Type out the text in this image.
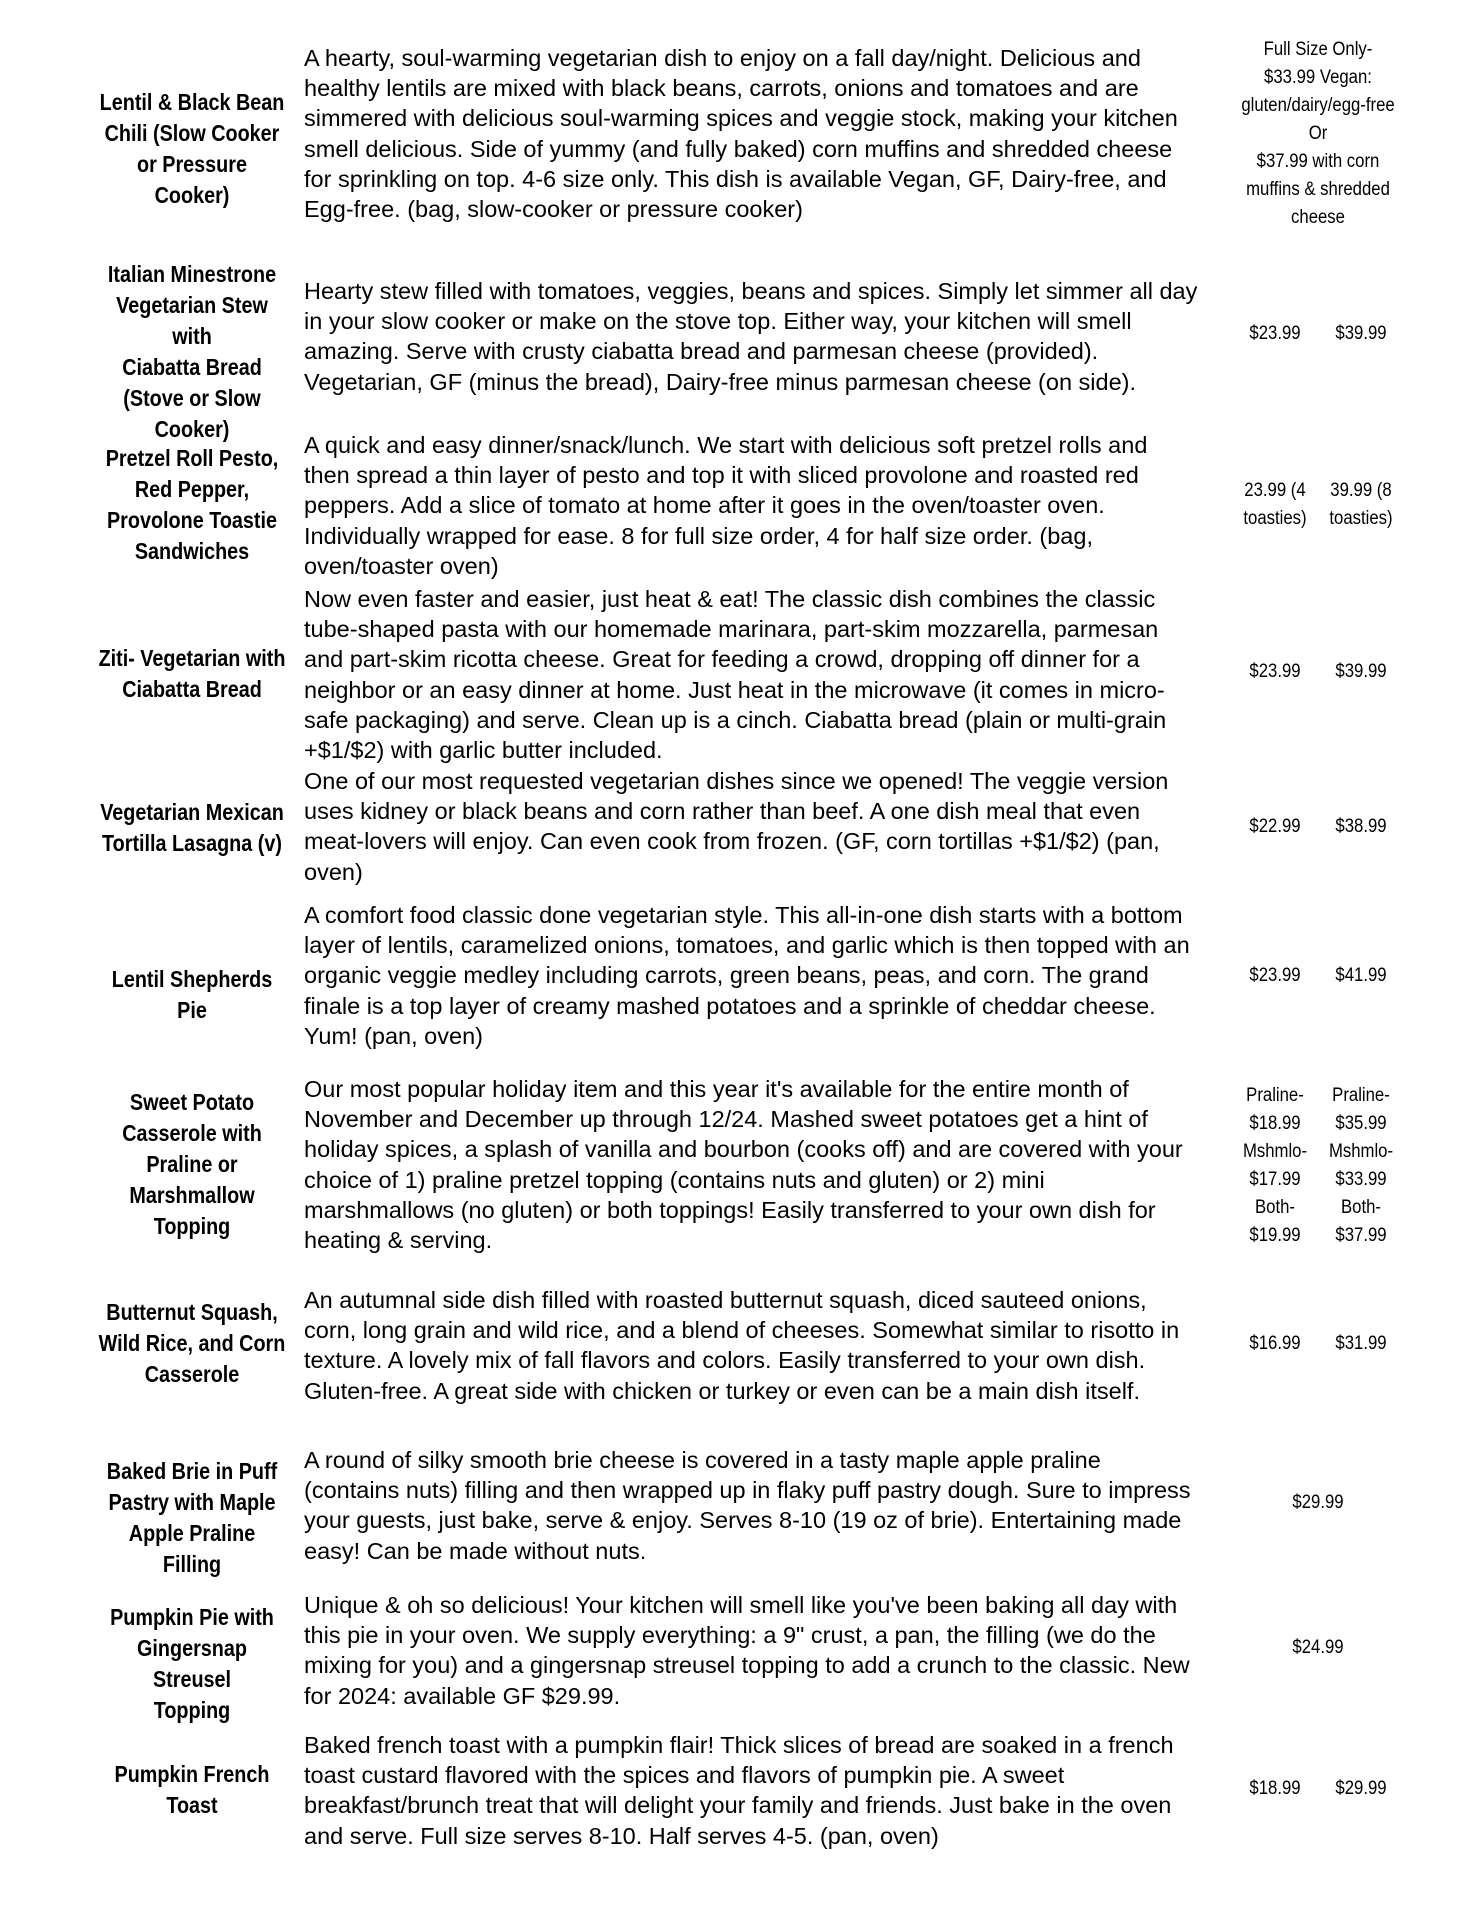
Lentil & Black Bean
Chili (Slow Cooker
or Pressure Cooker)
A hearty, soul-warming vegetarian dish to enjoy on a fall day/night. Delicious and
healthy lentils are mixed with black beans, carrots, onions and tomatoes and are
simmered with delicious soul-warming spices and veggie stock, making your kitchen
smell delicious. Side of yummy (and fully baked) corn muffins and shredded cheese
for sprinkling on top. 4-6 size only. This dish is available Vegan, GF, Dairy-free, and
Egg-free. (bag, slow-cooker or pressure cooker)
Full Size Only-
$33.99 Vegan:
gluten/dairy/egg-free
Or
$37.99 with corn
muffins & shredded
cheese
Italian Minestrone
Vegetarian Stew with
Ciabatta Bread
(Stove or Slow
Cooker)
Hearty stew filled with tomatoes, veggies, beans and spices. Simply let simmer all day
in your slow cooker or make on the stove top. Either way, your kitchen will smell
amazing. Serve with crusty ciabatta bread and parmesan cheese (provided).
Vegetarian, GF (minus the bread), Dairy-free minus parmesan cheese (on side).
$23.99	$39.99
Pretzel Roll Pesto,
Red Pepper,
Provolone Toastie
Sandwiches
A quick and easy dinner/snack/lunch. We start with delicious soft pretzel rolls and
then spread a thin layer of pesto and top it with sliced provolone and roasted red
peppers. Add a slice of tomato at home after it goes in the oven/toaster oven.
Individually wrapped for ease. 8 for full size order, 4 for half size order. (bag,
oven/toaster oven)
23.99 (4
toasties)
39.99 (8
toasties)
Ziti- Vegetarian with
Ciabatta Bread
Now even faster and easier, just heat & eat! The classic dish combines the classic
tube-shaped pasta with our homemade marinara, part-skim mozzarella, parmesan
and part-skim ricotta cheese. Great for feeding a crowd, dropping off dinner for a
neighbor or an easy dinner at home. Just heat in the microwave (it comes in micro-
safe packaging) and serve. Clean up is a cinch. Ciabatta bread (plain or multi-grain
+$1/$2) with garlic butter included.
$23.99	$39.99
Vegetarian Mexican
Tortilla Lasagna (v)
One of our most requested vegetarian dishes since we opened! The veggie version
uses kidney or black beans and corn rather than beef. A one dish meal that even
meat-lovers will enjoy. Can even cook from frozen. (GF, corn tortillas +$1/$2) (pan,
oven)
$22.99	$38.99
Lentil Shepherds Pie
A comfort food classic done vegetarian style. This all-in-one dish starts with a bottom
layer of lentils, caramelized onions, tomatoes, and garlic which is then topped with an
organic veggie medley including carrots, green beans, peas, and corn. The grand
finale is a top layer of creamy mashed potatoes and a sprinkle of cheddar cheese.
Yum! (pan, oven)
$23.99	$41.99
Sweet Potato
Casserole with
Praline or
Marshmallow
Topping
Our most popular holiday item and this year it's available for the entire month of
November and December up through 12/24. Mashed sweet potatoes get a hint of
holiday spices, a splash of vanilla and bourbon (cooks off) and are covered with your
choice of 1) praline pretzel topping (contains nuts and gluten) or 2) mini
marshmallows (no gluten) or both toppings! Easily transferred to your own dish for
heating & serving.
Praline-
$18.99
Mshmlo-
$17.99
Both-
$19.99
Praline-
$35.99
Mshmlo-
$33.99
Both-
$37.99
Butternut Squash,
Wild Rice, and Corn
Casserole
An autumnal side dish filled with roasted butternut squash, diced sauteed onions,
corn, long grain and wild rice, and a blend of cheeses. Somewhat similar to risotto in
texture. A lovely mix of fall flavors and colors. Easily transferred to your own dish.
Gluten-free. A great side with chicken or turkey or even can be a main dish itself.
$16.99	$31.99
Baked Brie in Puff
Pastry with Maple
Apple Praline Filling
A round of silky smooth brie cheese is covered in a tasty maple apple praline
(contains nuts) filling and then wrapped up in flaky puff pastry dough. Sure to impress
your guests, just bake, serve & enjoy. Serves 8-10 (19 oz of brie). Entertaining made
easy! Can be made without nuts.
$29.99
Pumpkin Pie with
Gingersnap Streusel
Topping
Unique & oh so delicious! Your kitchen will smell like you've been baking all day with
this pie in your oven. We supply everything: a 9" crust, a pan, the filling (we do the
mixing for you) and a gingersnap streusel topping to add a crunch to the classic. New
for 2024: available GF $29.99.
$24.99
Pumpkin French
Toast
Baked french toast with a pumpkin flair! Thick slices of bread are soaked in a french
toast custard flavored with the spices and flavors of pumpkin pie. A sweet
breakfast/brunch treat that will delight your family and friends. Just bake in the oven
and serve. Full size serves 8-10. Half serves 4-5. (pan, oven)
$18.99	$29.99
